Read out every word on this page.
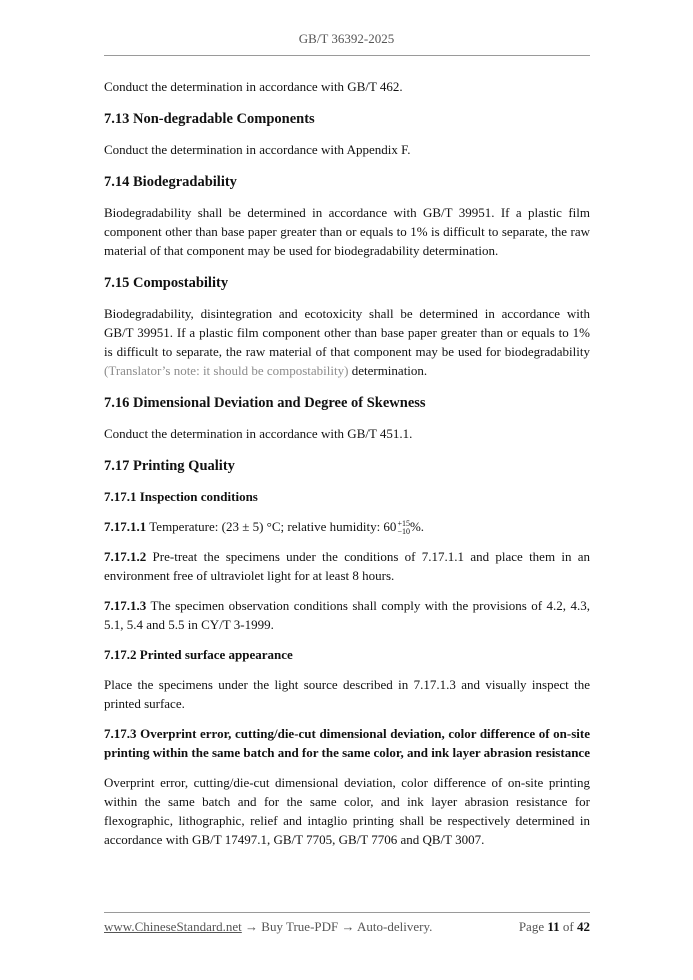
GB/T 36392-2025

Conduct the determination in accordance with GB/T 462.

7.13 Non-degradable Components

Conduct the determination in accordance with Appendix F.

7.14 Biodegradability

Biodegradability shall be determined in accordance with GB/T 39951. If a plastic film component other than base paper greater than or equals to 1% is difficult to separate, the raw material of that component may be used for biodegradability determination.

7.15 Compostability

Biodegradability, disintegration and ecotoxicity shall be determined in accordance with GB/T 39951. If a plastic film component other than base paper greater than or equals to 1% is difficult to separate, the raw material of that component may be used for biodegradability (Translator’s note: it should be compostability) determination.

7.16 Dimensional Deviation and Degree of Skewness

Conduct the determination in accordance with GB/T 451.1.

7.17 Printing Quality
7.17.1 Inspection conditions

7.17.1.1 Temperature: (23 ± 5) °C; relative humidity: 60 +15
−10 %.

7.17.1.2 Pre-treat the specimens under the conditions of 7.17.1.1 and place them in an environment free of ultraviolet light for at least 8 hours.

7.17.1.3 The specimen observation conditions shall comply with the provisions of 4.2, 4.3, 5.1, 5.4 and 5.5 in CY/T 3-1999.

7.17.2 Printed surface appearance

Place the specimens under the light source described in 7.17.1.3 and visually inspect the printed surface.

7.17.3 Overprint error, cutting/die-cut dimensional deviation, color difference of on-site printing within the same batch and for the same color, and ink layer abrasion resistance

Overprint error, cutting/die-cut dimensional deviation, color difference of on-site printing within the same batch and for the same color, and ink layer abrasion resistance for flexographic, lithographic, relief and intaglio printing shall be respectively determined in accordance with GB/T 17497.1, GB/T 7705, GB/T 7706 and QB/T 3007.

www.ChineseStandard.net → Buy True-PDF → Auto-delivery.	Page 11 of 42
